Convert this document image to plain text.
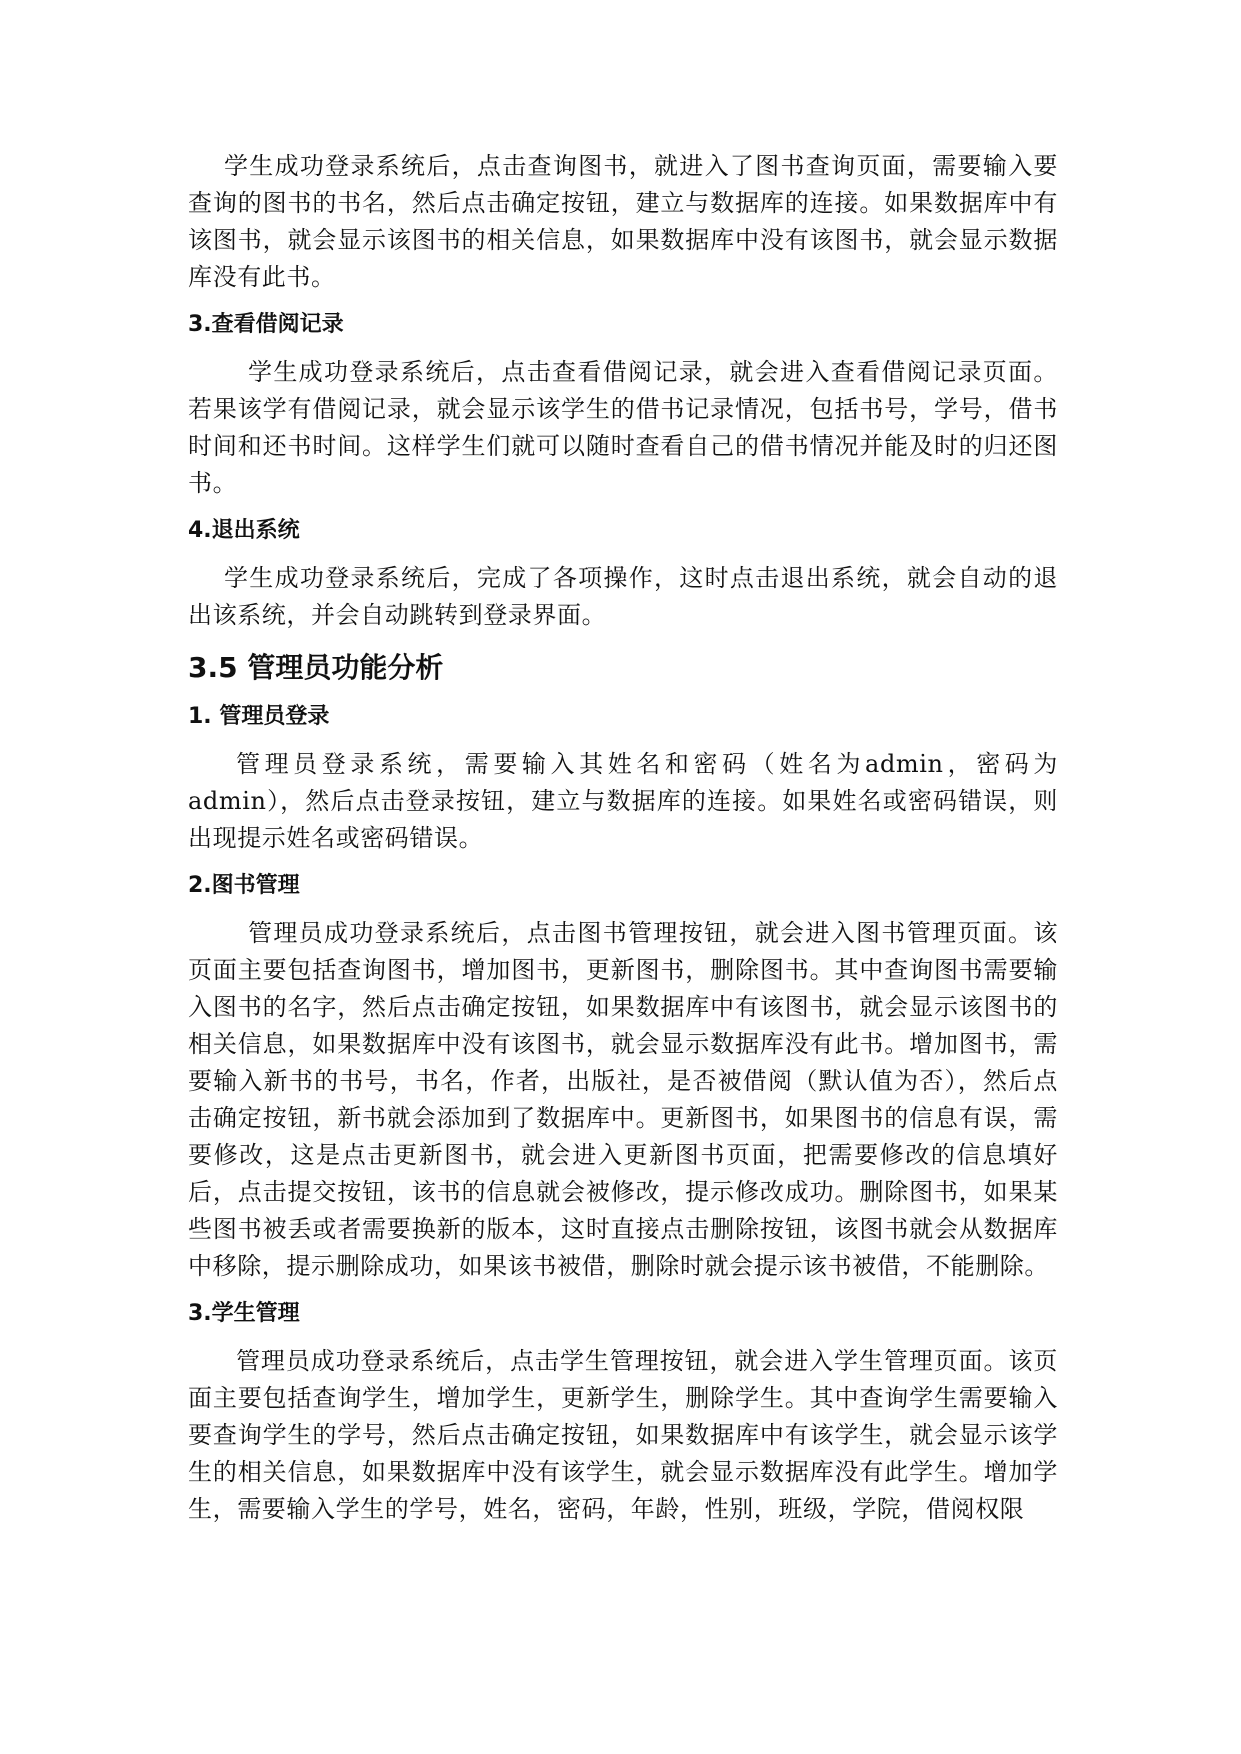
学生成功登录系统后，点击查询图书，就进入了图书查询页面，需要输入要查询的图书的书名，然后点击确定按钮，建立与数据库的连接。如果数据库中有该图书，就会显示该图书的相关信息，如果数据库中没有该图书，就会显示数据库没有此书。

3.查看借阅记录

学生成功登录系统后，点击查看借阅记录，就会进入查看借阅记录页面。若果该学有借阅记录，就会显示该学生的借书记录情况，包括书号，学号，借书时间和还书时间。这样学生们就可以随时查看自己的借书情况并能及时的归还图书。

4.退出系统

学生成功登录系统后，完成了各项操作，这时点击退出系统，就会自动的退出该系统，并会自动跳转到登录界面。

3.5 管理员功能分析
1. 管理员登录

管理员登录系统，需要输入其姓名和密码（姓名为admin，密码为admin），然后点击登录按钮，建立与数据库的连接。如果姓名或密码错误，则出现提示姓名或密码错误。

2.图书管理

管理员成功登录系统后，点击图书管理按钮，就会进入图书管理页面。该页面主要包括查询图书，增加图书，更新图书，删除图书。其中查询图书需要输入图书的名字，然后点击确定按钮，如果数据库中有该图书，就会显示该图书的相关信息，如果数据库中没有该图书，就会显示数据库没有此书。增加图书，需要输入新书的书号，书名，作者，出版社，是否被借阅（默认值为否），然后点击确定按钮，新书就会添加到了数据库中。更新图书，如果图书的信息有误，需要修改，这是点击更新图书，就会进入更新图书页面，把需要修改的信息填好后，点击提交按钮，该书的信息就会被修改，提示修改成功。删除图书，如果某些图书被丢或者需要换新的版本，这时直接点击删除按钮，该图书就会从数据库中移除，提示删除成功，如果该书被借，删除时就会提示该书被借，不能删除。

3.学生管理

管理员成功登录系统后，点击学生管理按钮，就会进入学生管理页面。该页面主要包括查询学生，增加学生，更新学生，删除学生。其中查询学生需要输入要查询学生的学号，然后点击确定按钮，如果数据库中有该学生，就会显示该学生的相关信息，如果数据库中没有该学生，就会显示数据库没有此学生。增加学生，需要输入学生的学号，姓名，密码，年龄，性别，班级，学院，借阅权限
